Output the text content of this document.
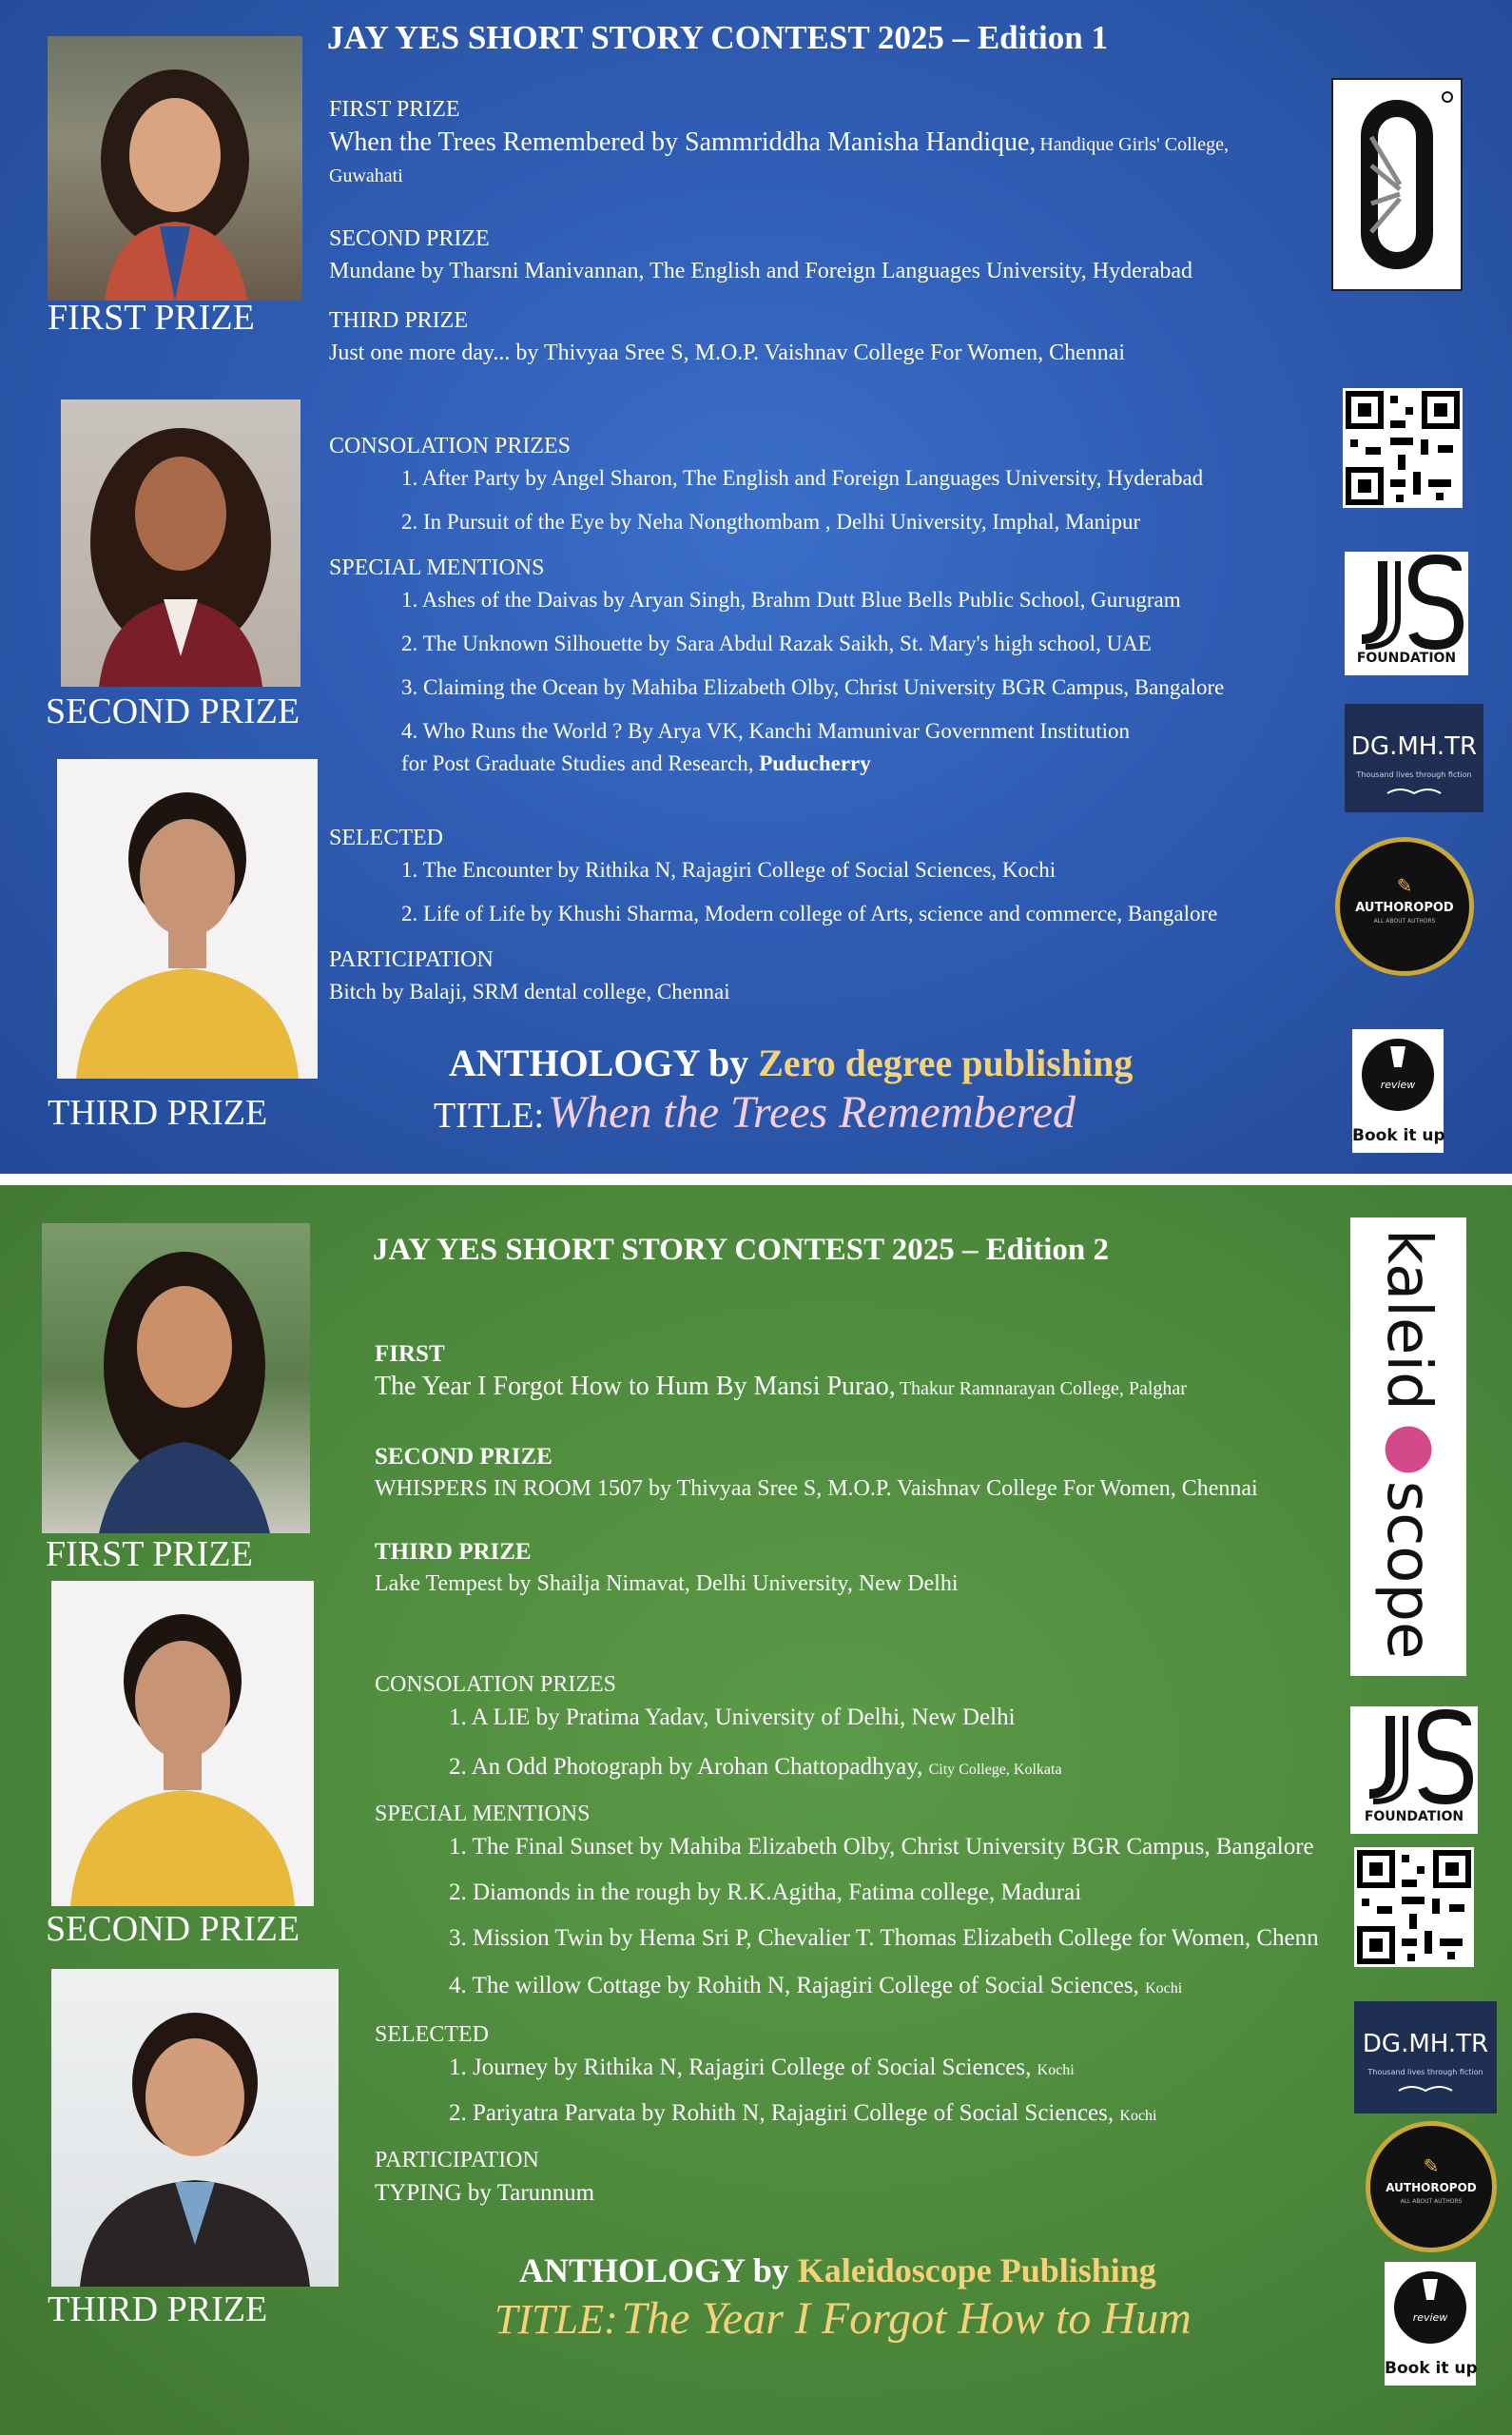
FIRST PRIZE
SECOND PRIZE
THIRD PRIZE
JAY YES SHORT STORY CONTEST 2025 – Edition 1
FIRST PRIZE
When the Trees Remembered by Sammriddha Manisha Handique, Handique Girls' College,
Guwahati
SECOND PRIZE
Mundane by Tharsni Manivannan, The English and Foreign Languages University, Hyderabad
THIRD PRIZE
Just one more day... by Thivyaa Sree S, M.O.P. Vaishnav College For Women, Chennai
CONSOLATION PRIZES
1. After Party by Angel Sharon, The English and Foreign Languages University, Hyderabad
2. In Pursuit of the Eye by Neha Nongthombam , Delhi University, Imphal, Manipur
SPECIAL MENTIONS
1. Ashes of the Daivas by Aryan Singh, Brahm Dutt Blue Bells Public School, Gurugram
2. The Unknown Silhouette by Sara Abdul Razak Saikh, St. Mary's high school, UAE
3. Claiming the Ocean by Mahiba Elizabeth Olby, Christ University BGR Campus, Bangalore
4. Who Runs the World ? By Arya VK, Kanchi Mamunivar Government Institution
for Post Graduate Studies and Research, Puducherry
SELECTED
1. The Encounter by Rithika N, Rajagiri College of Social Sciences, Kochi
2. Life of Life by Khushi Sharma, Modern college of Arts, science and commerce, Bangalore
PARTICIPATION
Bitch by Balaji, SRM dental college, Chennai
ANTHOLOGY by Zero degree publishing
TITLE: When the Trees Remembered
FOUNDATION
DG.MH.TR
Thousand lives through fiction
✎
AUTHOROPOD
ALL ABOUT AUTHORS
review
Book it up
FIRST PRIZE
SECOND PRIZE
THIRD PRIZE
JAY YES SHORT STORY CONTEST 2025 – Edition 2
FIRST
The Year I Forgot How to Hum By Mansi Purao, Thakur Ramnarayan College, Palghar
SECOND PRIZE
WHISPERS IN ROOM 1507 by Thivyaa Sree S, M.O.P. Vaishnav College For Women, Chennai
THIRD PRIZE
Lake Tempest by Shailja Nimavat, Delhi University, New Delhi
CONSOLATION PRIZES
1. A LIE by Pratima Yadav, University of Delhi, New Delhi
2. An Odd Photograph by Arohan Chattopadhyay, City College, Kolkata
SPECIAL MENTIONS
1. The Final Sunset by Mahiba Elizabeth Olby, Christ University BGR Campus, Bangalore
2. Diamonds in the rough by R.K.Agitha, Fatima college, Madurai
3. Mission Twin by Hema Sri P, Chevalier T. Thomas Elizabeth College for Women, Chenn
4. The willow Cottage by Rohith N, Rajagiri College of Social Sciences, Kochi
SELECTED
1. Journey by Rithika N, Rajagiri College of Social Sciences, Kochi
2. Pariyatra Parvata by Rohith N, Rajagiri College of Social Sciences, Kochi
PARTICIPATION
TYPING by Tarunnum
ANTHOLOGY by Kaleidoscope Publishing
TITLE: The Year I Forgot How to Hum
kaleid●scope
FOUNDATION
DG.MH.TR
Thousand lives through fiction
✎
AUTHOROPOD
ALL ABOUT AUTHORS
review
Book it up
